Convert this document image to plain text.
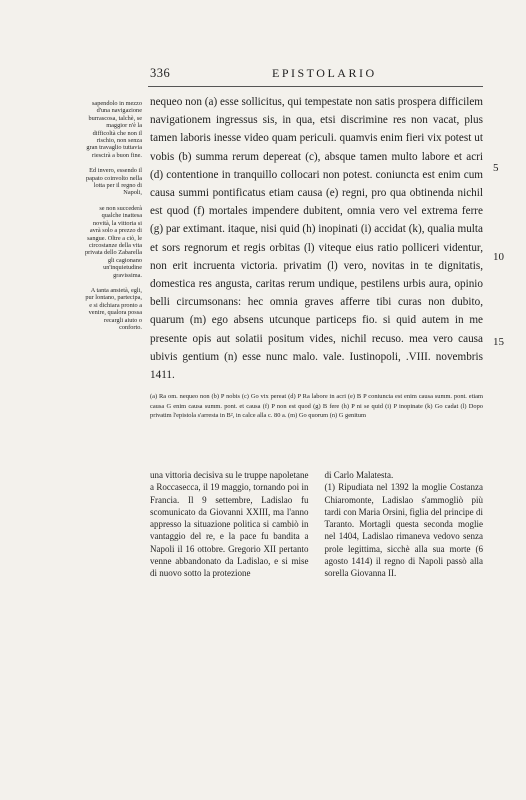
336	EPISTOLARIO

sapendolo in mezzo d'una navigazione burrascosa, talchè, se maggior n'è la difficoltà che non il rischio, non senza gran travaglio tuttavia riescirà a buon fine.

Ed invero, essendo il papato coinvolto nella lotta per il regno di Napoli,

se non succederà qualche inattesa novità, la vittoria si avrà solo a prezzo di sangue. Oltre a ciò, le circostanze della vita privata dello Zabarella gli cagionano un'inquietudine gravissima.

A tanta ansietà, egli, pur lontano, partecipa, e si dichiara pronto a venire, qualora possa recargli aiuto o conforto.

nequeo non (a) esse sollicitus, qui tempestate non satis prospera difficilem navigationem ingressus sis, in qua, etsi discrimine res non vacat, plus tamen laboris inesse video quam periculi. quamvis enim fieri vix potest ut vobis (b) summa rerum depereat (c), absque tamen multo labore et acri (d) contentione in tranquillo collocari non potest. coniuncta est enim cum causa summi pontificatus etiam causa (e) regni, pro qua obtinenda nichil est quod (f) mortales impendere dubitent, omnia vero vel extrema ferre (g) par extimant. itaque, nisi quid (h) inopinati (i) accidat (k), qualia multa et sors regnorum et regis orbitas (l) viteque eius ratio polliceri videntur, non erit incruenta victoria. privatim (l) vero, novitas in te dignitatis, domestica res angusta, caritas rerum undique, pestilens urbis aura, opinio belli circumsonans: hec omnia graves afferre tibi curas non dubito, quarum (m) ego absens utcunque particeps fio. si quid autem in me presente opis aut solatii positum vides, nichil recuso. mea vero causa ubivis gentium (n) esse nunc malo. vale. Iustinopoli, .VIII. novembris 1411.

5
10
15
(a) Ra om. nequeo non (b) P nobis (c) Go vix pereat (d) P Ra labore in acri (e) B P coniuncta est enim causa summ. pont. etiam causa G enim causa summ. pont. et causa (f) P non est quod (g) B fere (h) P ni se quid (i) P inopinate (k) Go cadat (l) Dopo privatim l'epistola s'arresta in B², in calce alla c. 80 a. (m) Go quorum (n) G genitum

una vittoria decisiva su le truppe napoletane a Roccasecca, il 19 maggio, tornando poi in Francia. Il 9 settembre, Ladislao fu scomunicato da Giovanni XXIII, ma l'anno appresso la situazione politica si cambiò in vantaggio del re, e la pace fu bandita a Napoli il 16 ottobre. Gregorio XII pertanto venne abbandonato da Ladislao, e si mise di nuovo sotto la protezione

di Carlo Malatesta.

(1) Ripudiata nel 1392 la moglie Costanza Chiaromonte, Ladislao s'ammogliò più tardi con Maria Orsini, figlia del principe di Taranto. Mortagli questa seconda moglie nel 1404, Ladislao rimaneva vedovo senza prole legittima, sicchè alla sua morte (6 agosto 1414) il regno di Napoli passò alla sorella Giovanna II.
